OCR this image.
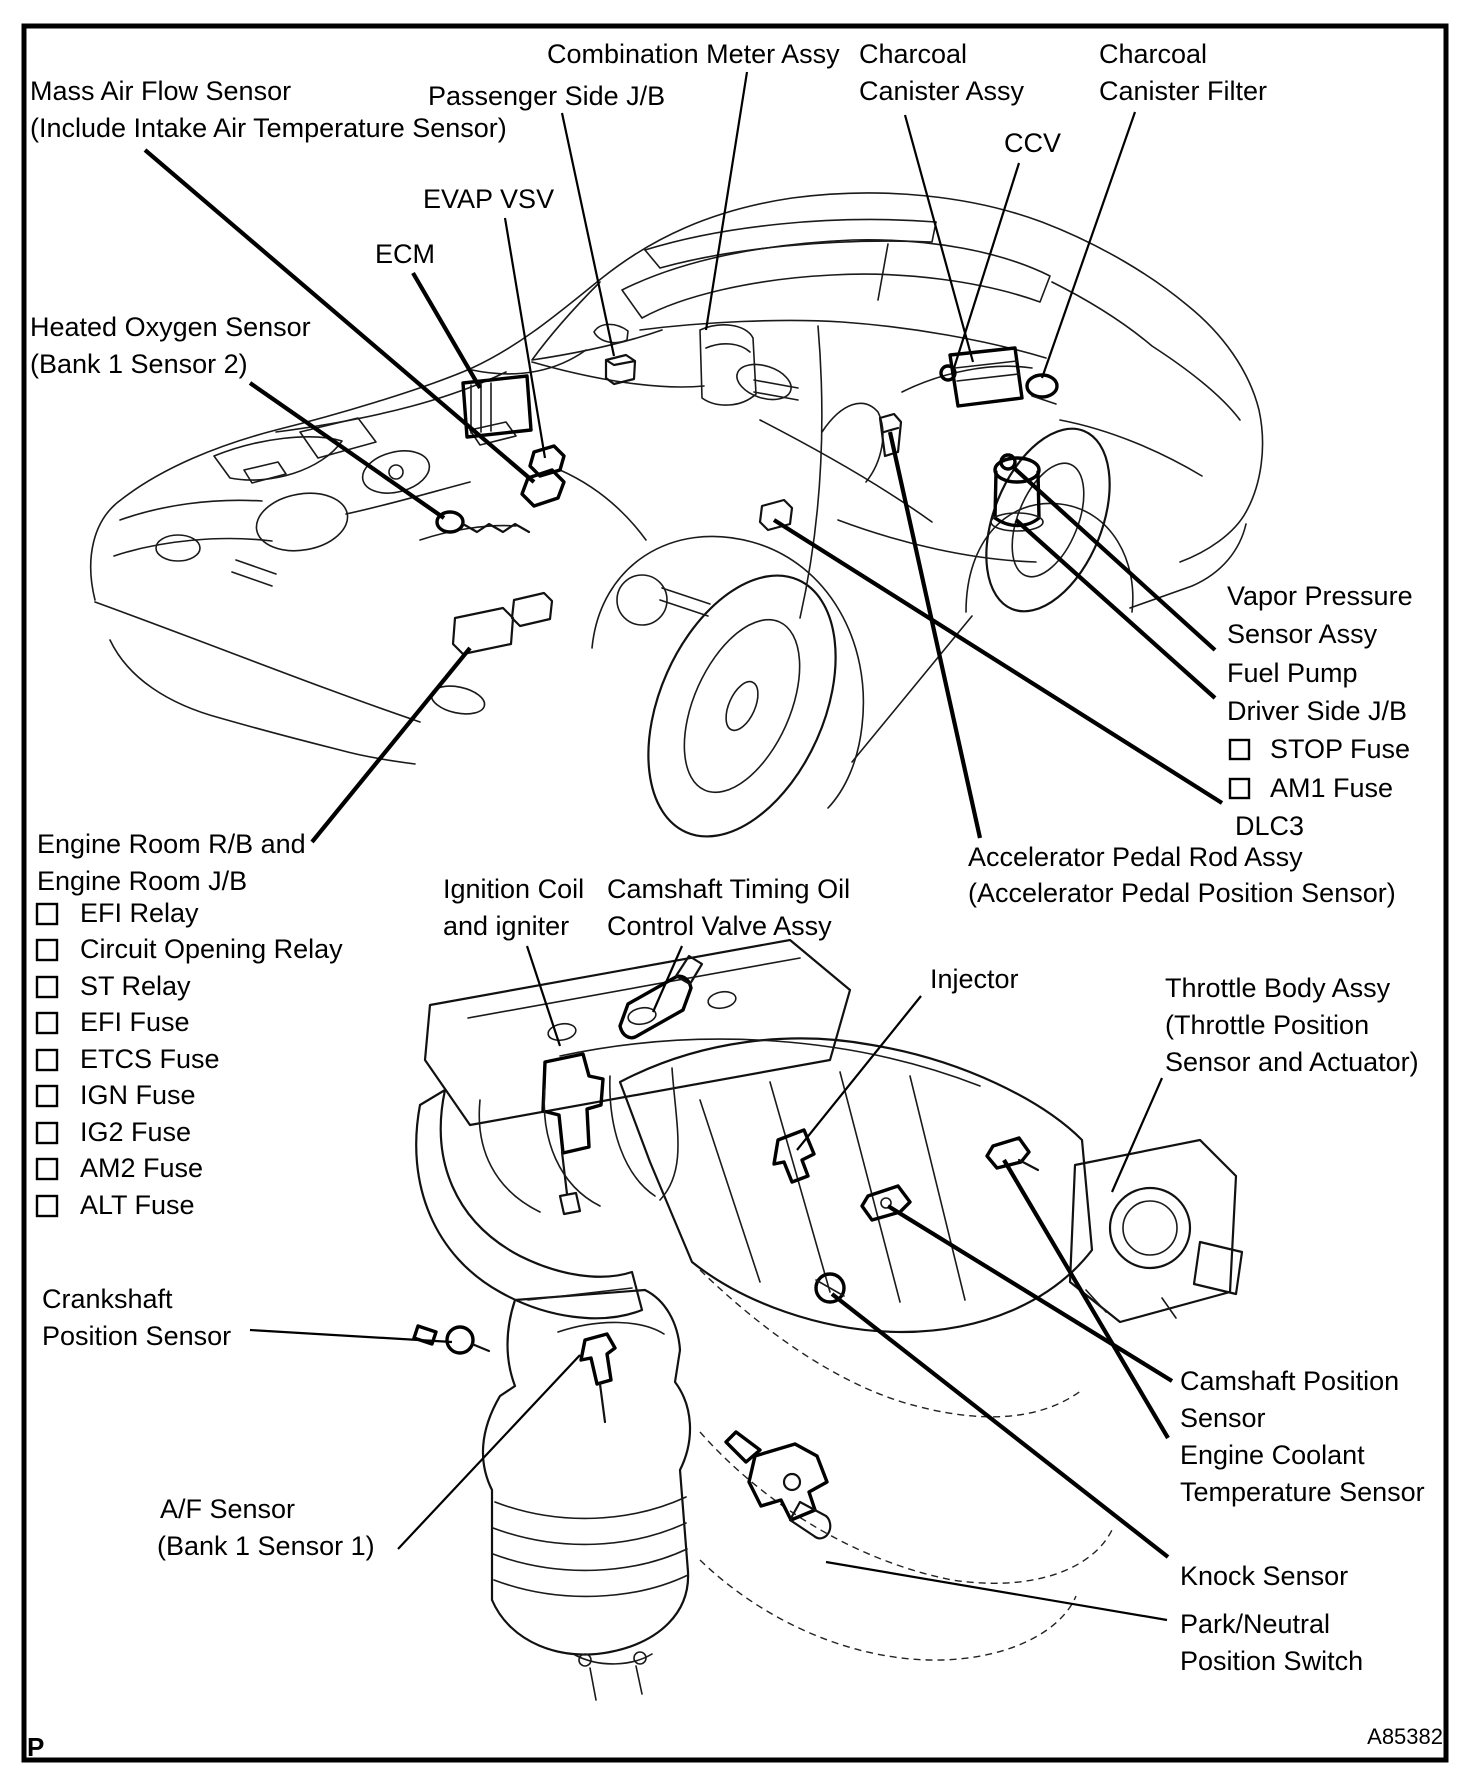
Mass Air Flow Sensor
(Include Intake Air Temperature Sensor)
Combination Meter Assy
Passenger Side J/B
Charcoal
Canister Assy
Charcoal
Canister Filter
CCV
EVAP VSV
ECM
Heated Oxygen Sensor
(Bank 1 Sensor 2)
Vapor Pressure
Sensor Assy
Fuel Pump
Driver Side J/B
STOP Fuse
AM1 Fuse
DLC3
Accelerator Pedal Rod Assy
(Accelerator Pedal Position Sensor)
Engine Room R/B and
Engine Room J/B
EFI Relay
Circuit Opening Relay
ST Relay
EFI Fuse
ETCS Fuse
IGN Fuse
IG2 Fuse
AM2 Fuse
ALT Fuse
Ignition Coil
and igniter
Camshaft Timing Oil
Control Valve Assy
Injector	Throttle Body Assy
(Throttle Position
Sensor and Actuator)
Crankshaft
Position Sensor
A/F Sensor
(Bank 1 Sensor 1)
Camshaft Position
Sensor
Engine Coolant
Temperature Sensor
Knock Sensor
Park/Neutral
Position Switch
P	A85382
